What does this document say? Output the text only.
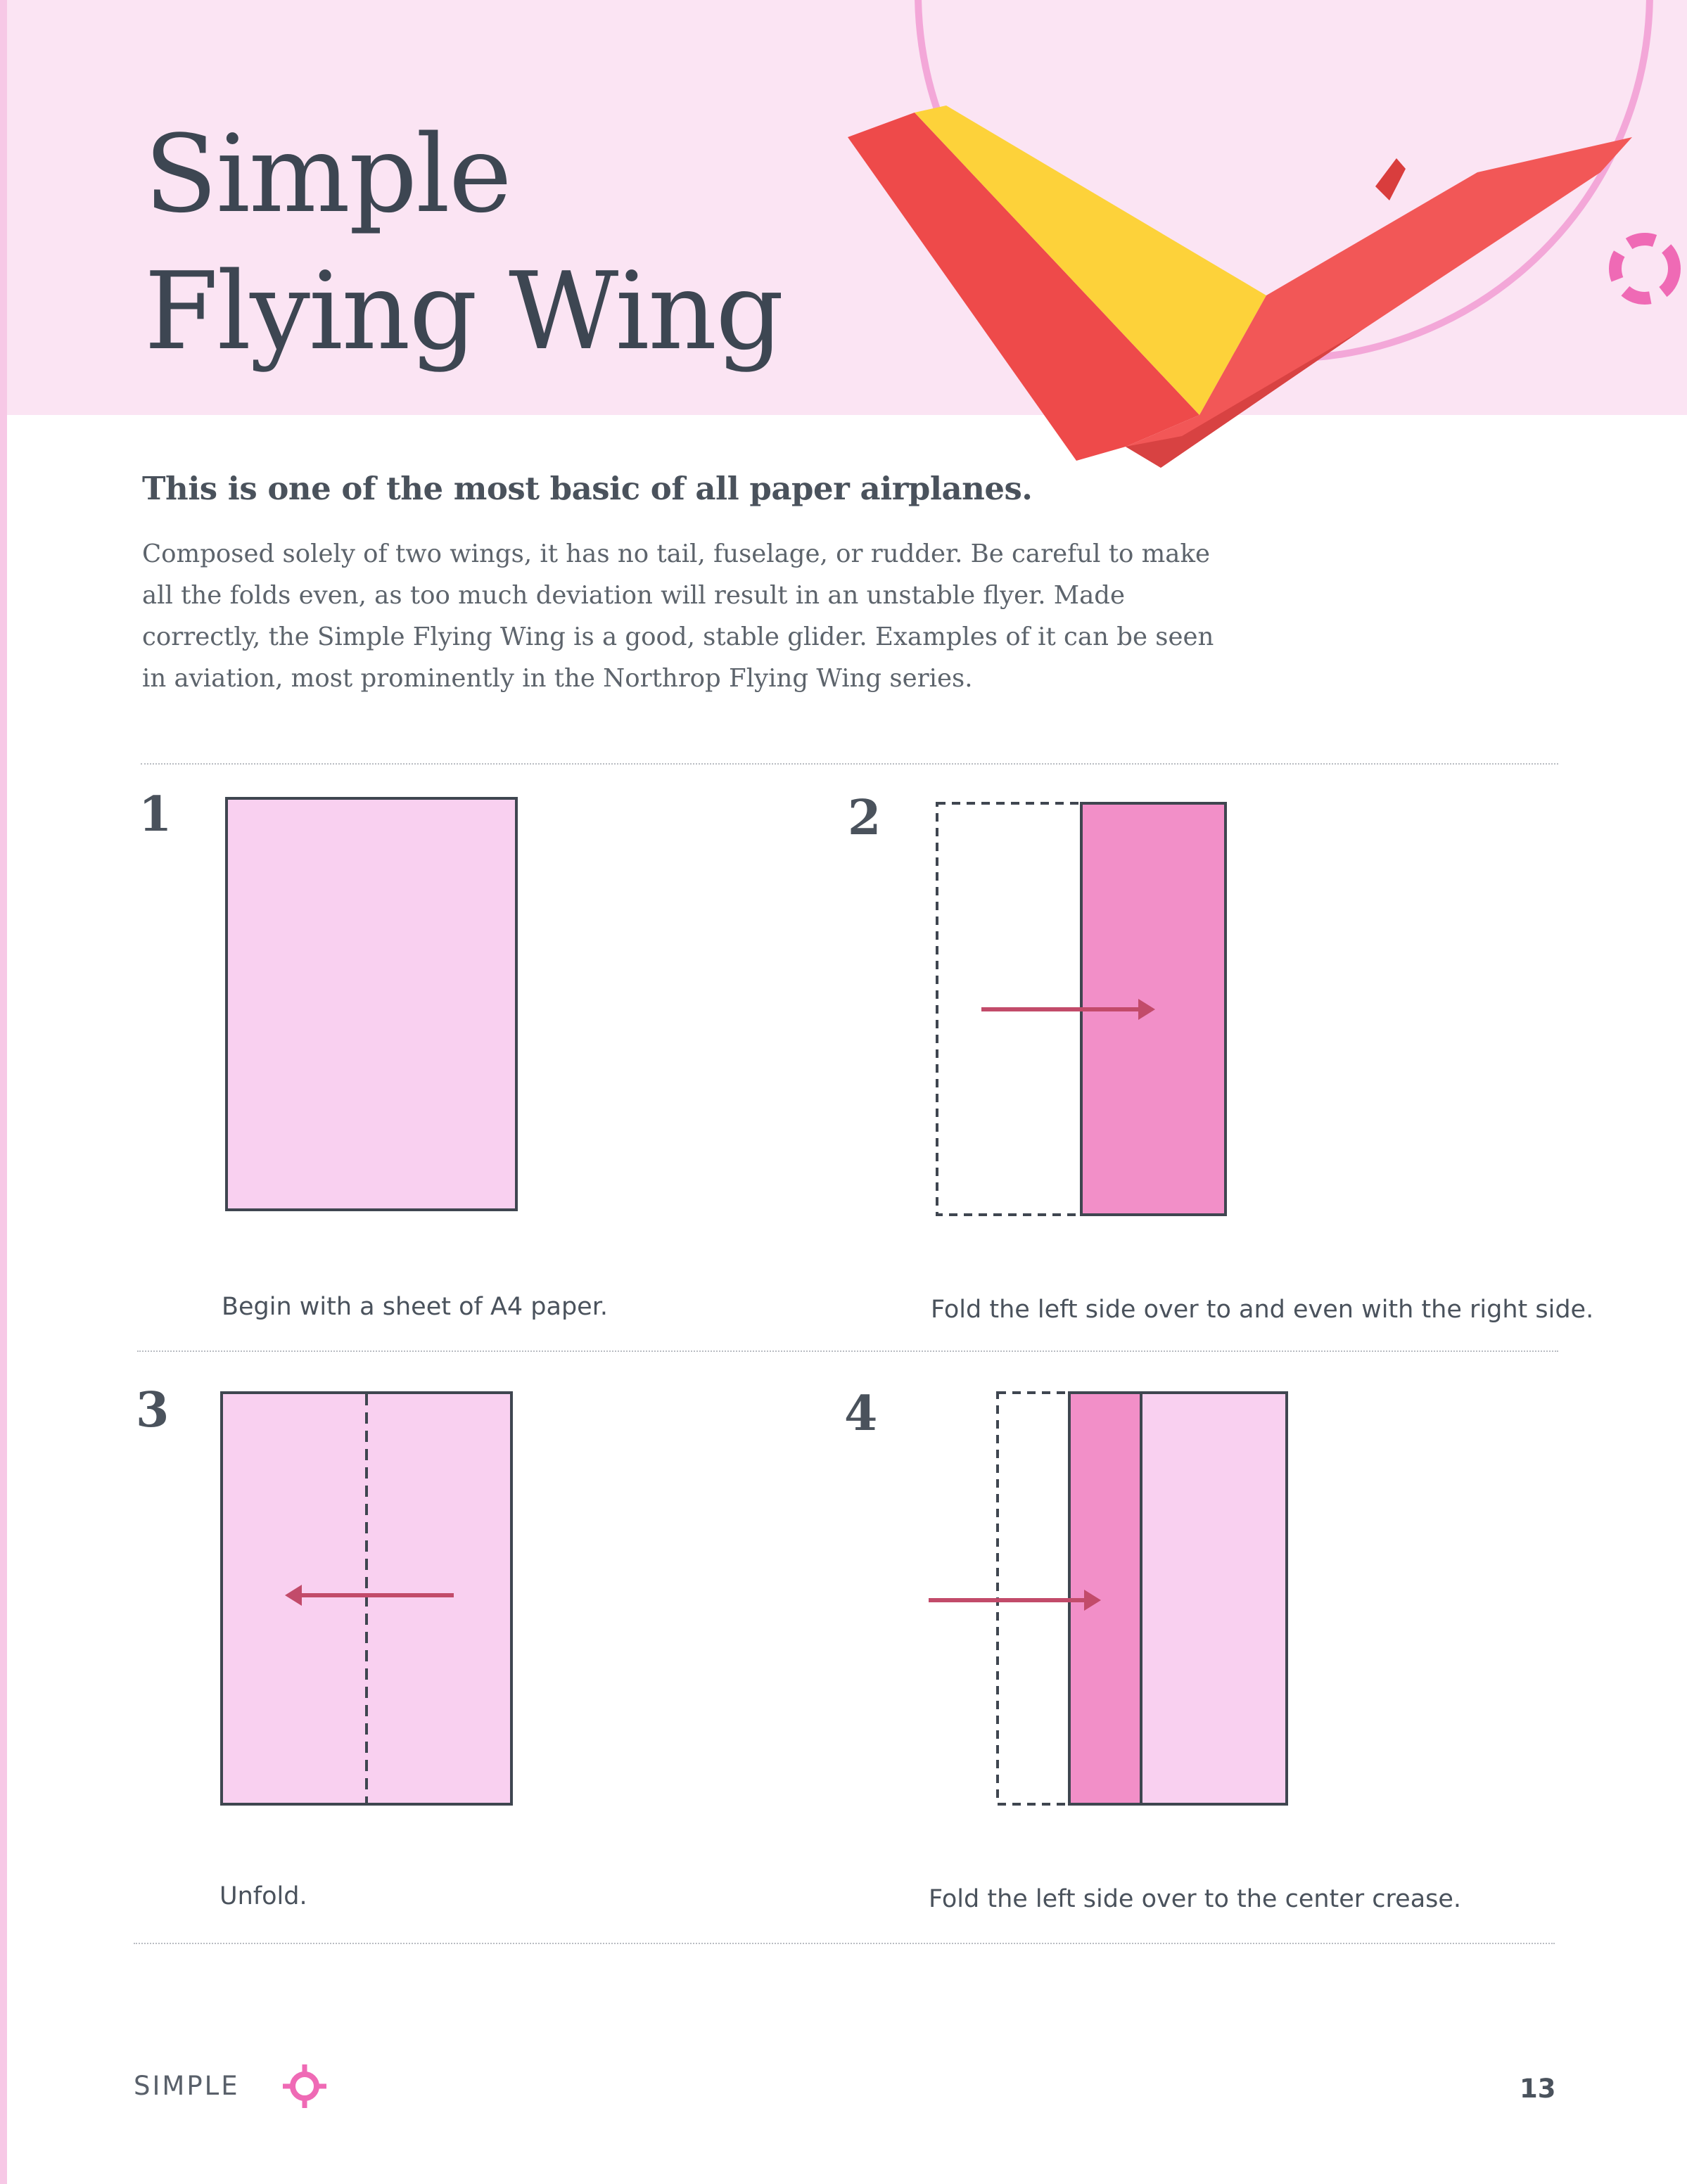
Simple
Flying Wing
This is one of the most basic of all paper airplanes.

Composed solely of two wings, it has no tail, fuselage, or rudder. Be careful to make all the folds even, as too much deviation will result in an unstable flyer. Made correctly, the Simple Flying Wing is a good, stable glider. Examples of it can be seen in aviation, most prominently in the Northrop Flying Wing series.

1
Begin with a sheet of A4 paper.
2
Fold the left side over to and even with the right side.
3
Unfold.
4
Fold the left side over to the center crease.
SIMPLE	13
